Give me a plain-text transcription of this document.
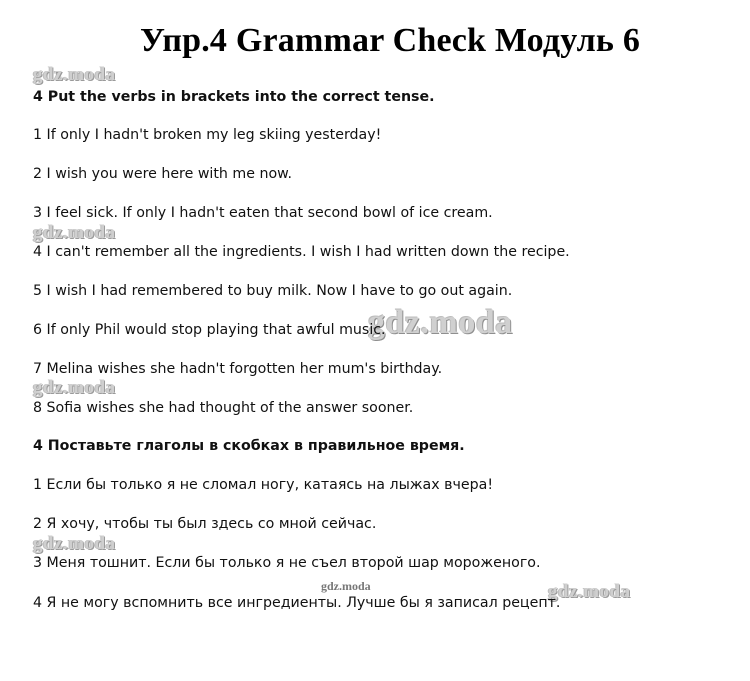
Упр.4 Grammar Check Модуль 6
gdz.moda
gdz.moda
gdz.moda
gdz.moda
gdz.moda
gdz.moda	gdz.moda
4 Put the verbs in brackets into the correct tense.
1 If only I hadn't broken my leg skiing yesterday!
2 I wish you were here with me now.
3 I feel sick. If only I hadn't eaten that second bowl of ice cream.
4 I can't remember all the ingredients. I wish I had written down the recipe.
5 I wish I had remembered to buy milk. Now I have to go out again.
6 If only Phil would stop playing that awful music.
7 Melina wishes she hadn't forgotten her mum's birthday.
8 Sofia wishes she had thought of the answer sooner.
4 Поставьте глаголы в скобках в правильное время.
1 Если бы только я не сломал ногу, катаясь на лыжах вчера!
2 Я хочу, чтобы ты был здесь со мной сейчас.
3 Меня тошнит. Если бы только я не съел второй шар мороженого.
4 Я не могу вспомнить все ингредиенты. Лучше бы я записал рецепт.
